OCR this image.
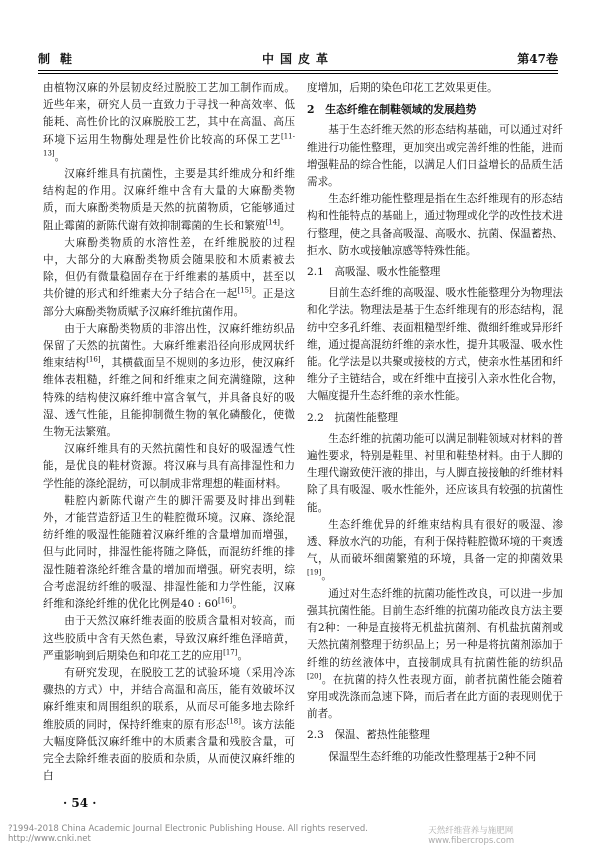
制鞋	中国皮革	第47卷

由植物汉麻的外层韧皮经过脱胶工艺加工制作而成。近些年来，研究人员一直致力于寻找一种高效率、低能耗、高性价比的汉麻脱胶工艺，其中在高温、高压环境下运用生物酶处理是性价比较高的环保工艺[11-13]。

汉麻纤维具有抗菌性，主要是其纤维成分和纤维结构起的作用。汉麻纤维中含有大量的大麻酚类物质，而大麻酚类物质是天然的抗菌物质，它能够通过阻止霉菌的新陈代谢有效抑制霉菌的生长和繁殖[14]。

大麻酚类物质的水溶性差，在纤维脱胶的过程中，大部分的大麻酚类物质会随果胶和木质素被去除，但仍有微量稳固存在于纤维素的基质中，甚至以共价键的形式和纤维素大分子结合在一起[15]。正是这部分大麻酚类物质赋予汉麻纤维抗菌作用。

由于大麻酚类物质的非溶出性，汉麻纤维纺织品保留了天然的抗菌性。大麻纤维素沿径向形成网状纤维束结构[16]，其横截面呈不规则的多边形，使汉麻纤维体表粗糙，纤维之间和纤维束之间充满缝隙，这种特殊的结构使汉麻纤维中富含氧气，并具备良好的吸湿、透气性能，且能抑制微生物的氧化磷酸化，使微生物无法繁殖。

汉麻纤维具有的天然抗菌性和良好的吸湿透气性能，是优良的鞋材资源。将汉麻与具有高排湿性和力学性能的涤纶混纺，可以制成非常理想的鞋面材料。

鞋腔内新陈代谢产生的脚汗需要及时排出到鞋外，才能营造舒适卫生的鞋腔微环境。汉麻、涤纶混纺纤维的吸湿性能随着汉麻纤维的含量增加而增强，但与此同时，排湿性能将随之降低，而混纺纤维的排湿性随着涤纶纤维含量的增加而增强。研究表明，综合考虑混纺纤维的吸湿、排湿性能和力学性能，汉麻纤维和涤纶纤维的优化比例是40 : 60[16]。

由于天然汉麻纤维表面的胶质含量相对较高，而这些胶质中含有天然色素，导致汉麻纤维色泽暗黄，严重影响到后期染色和印花工艺的应用[17]。

有研究发现，在脱胶工艺的试验环境（采用冷冻骤热的方式）中，并结合高温和高压，能有效破坏汉麻纤维束和周围组织的联系，从而尽可能多地去除纤维胶质的同时，保持纤维束的原有形态[18]。该方法能大幅度降低汉麻纤维中的木质素含量和残胶含量，可完全去除纤维表面的胶质和杂质，从而使汉麻纤维的白

度增加，后期的染色印花工艺效果更佳。

2　生态纤维在制鞋领域的发展趋势

基于生态纤维天然的形态结构基础，可以通过对纤维进行功能性整理，更加突出或完善纤维的性能，进而增强鞋品的综合性能，以满足人们日益增长的品质生活需求。

生态纤维功能性整理是指在生态纤维现有的形态结构和性能特点的基础上，通过物理或化学的改性技术进行整理，使之具备高吸湿、高吸水、抗菌、保温蓄热、拒水、防水或接触凉感等特殊性能。

2.1　高吸湿、吸水性能整理

目前生态纤维的高吸湿、吸水性能整理分为物理法和化学法。物理法是基于生态纤维现有的形态结构，混纺中空多孔纤维、表面粗糙型纤维、微细纤维或异形纤维，通过提高混纺纤维的亲水性，提升其吸湿、吸水性能。化学法是以共聚或接枝的方式，使亲水性基团和纤维分子主链结合，或在纤维中直接引入亲水性化合物，大幅度提升生态纤维的亲水性能。

2.2　抗菌性能整理

生态纤维的抗菌功能可以满足制鞋领域对材料的普遍性要求，特别是鞋里、衬里和鞋垫材料。由于人脚的生理代谢致使汗液的排出，与人脚直接接触的纤维材料除了具有吸湿、吸水性能外，还应该具有较强的抗菌性能。

生态纤维优异的纤维束结构具有很好的吸湿、渗透、释放水汽的功能，有利于保持鞋腔微环境的干爽透气，从而破坏细菌繁殖的环境，具备一定的抑菌效果[19]。

通过对生态纤维的抗菌功能性改良，可以进一步加强其抗菌性能。目前生态纤维的抗菌功能改良方法主要有2种：一种是直接将无机盐抗菌剂、有机盐抗菌剂或天然抗菌剂整理于纺织品上；另一种是将抗菌剂添加于纤维的纺丝液体中，直接制成具有抗菌性能的纺织品[20]。在抗菌的持久性表现方面，前者抗菌性能会随着穿用或洗涤而急速下降，而后者在此方面的表现则优于前者。

2.3　保温、蓄热性能整理

保温型生态纤维的功能改性整理基于2种不同

· 54 ·
?1994-2018 China Academic Journal Electronic Publishing House. All rights reserved. http://www.cnki.net
天然纤维营养与施肥网 www.fibercrops.com
